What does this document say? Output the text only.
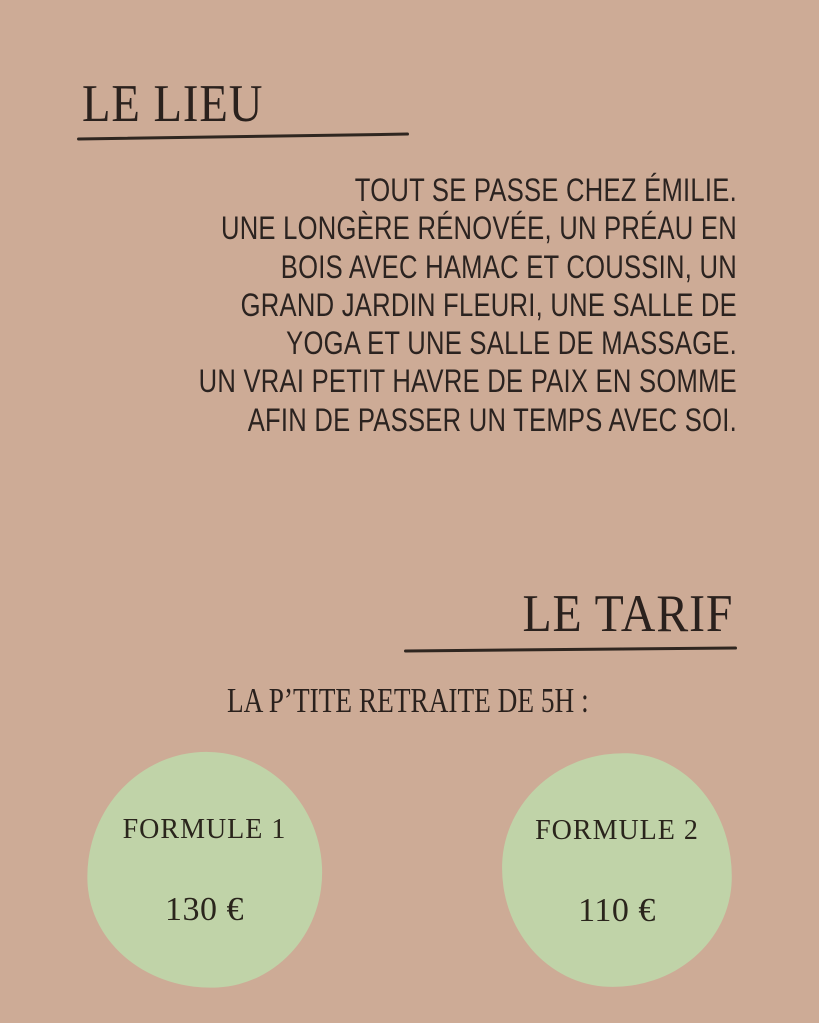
LE LIEU
TOUT SE PASSE CHEZ ÉMILIE.
UNE LONGÈRE RÉNOVÉE, UN PRÉAU EN
BOIS AVEC HAMAC ET COUSSIN, UN
GRAND JARDIN FLEURI, UNE SALLE DE
YOGA ET UNE SALLE DE MASSAGE.
UN VRAI PETIT HAVRE DE PAIX EN SOMME
AFIN DE PASSER UN TEMPS AVEC SOI.
LE TARIF
LA P’TITE RETRAITE DE 5H :
FORMULE 1
130 €
FORMULE 2
110 €
